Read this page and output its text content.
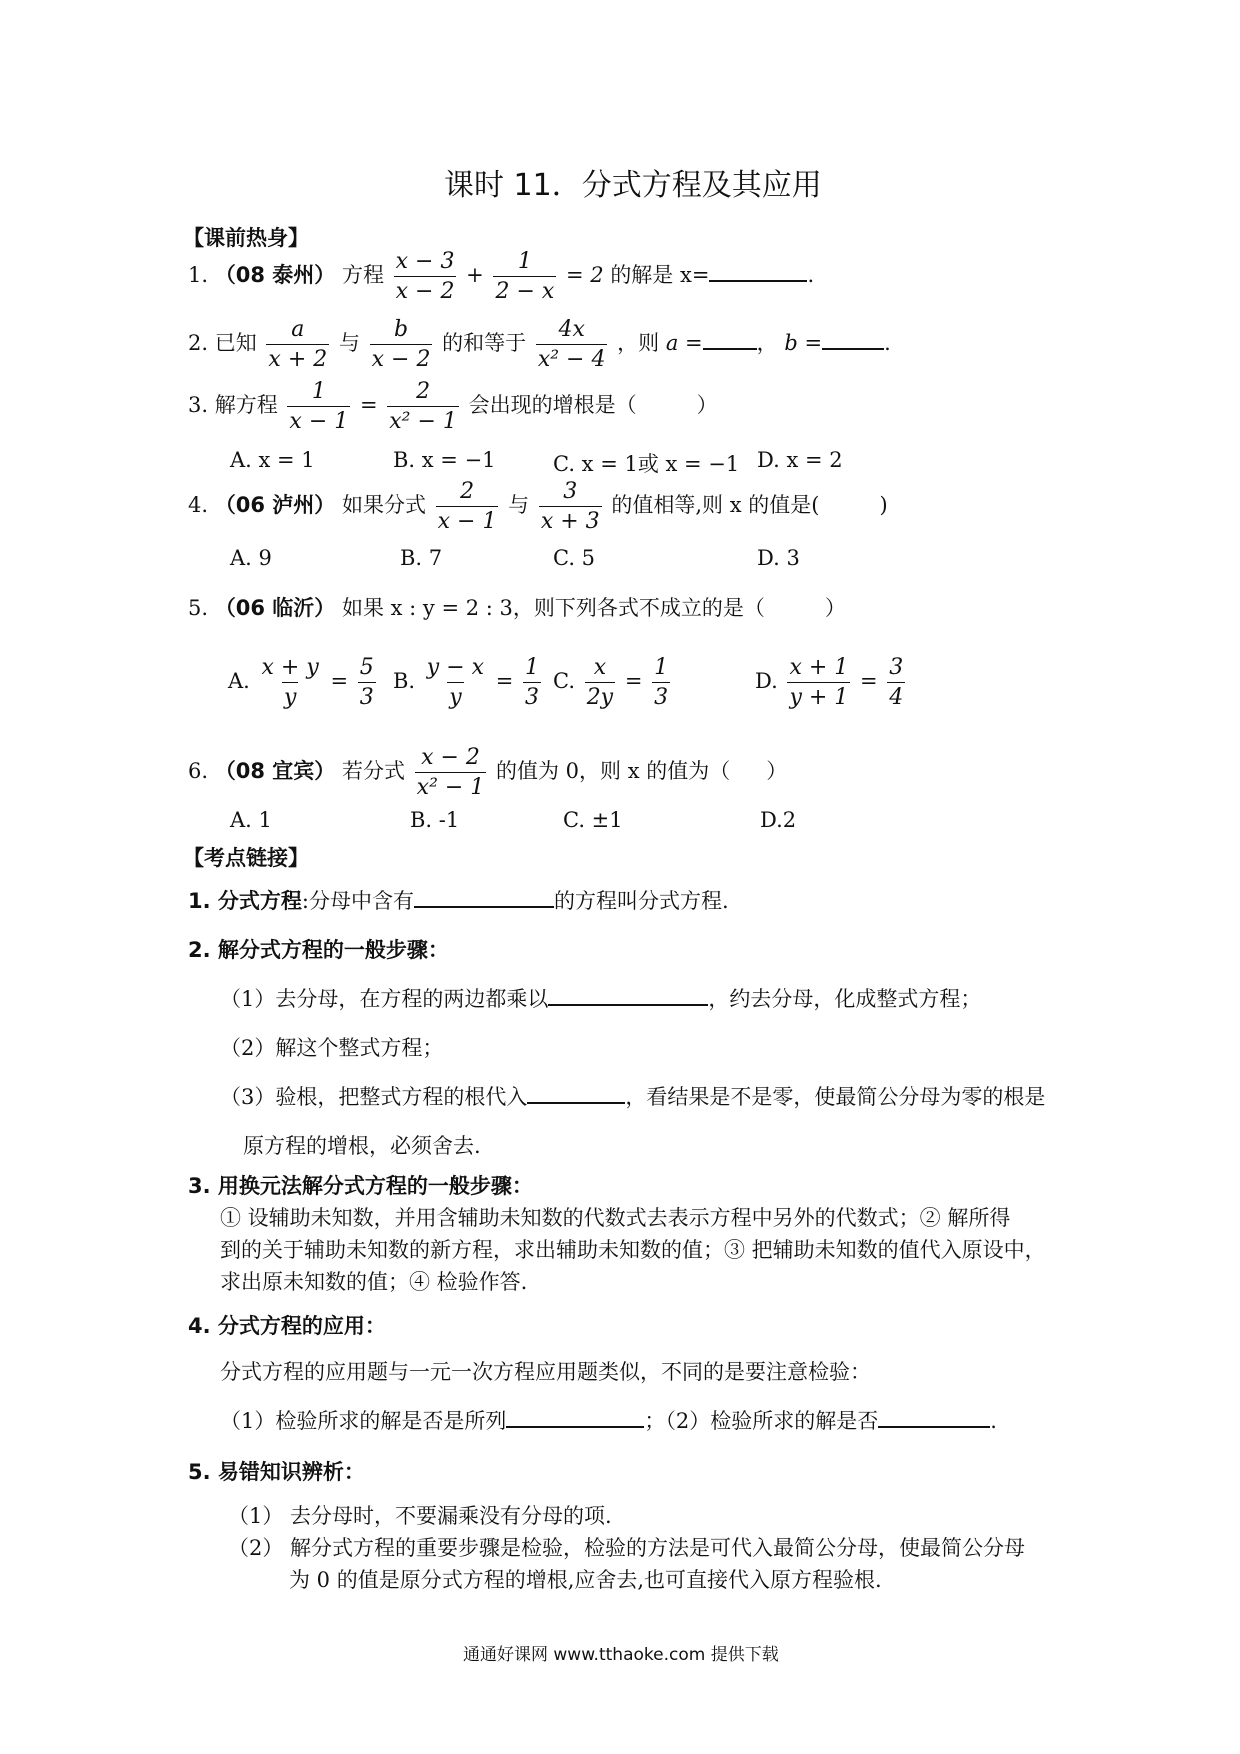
课时 11．分式方程及其应用
【课前热身】
1. （08 泰州） 方程 $\frac{x - 3}{x - 2} + \frac{1}{2 - x} = 2$ 的解是 x=	.
2. 已知 $\frac{a}{x + 2}$ 与 $\frac{b}{x - 2}$ 的和等于 $\frac{4x}{\text{x² − 4}}$ ，则 a =	， b =	.
3. 解方程 $\frac{1}{x - 1} = \frac{2}{\text{x² − 1}}$ 会出现的增根是（	）
A. x = 1	B. x = −1	C. x = 1或 x = −1 D. x = 2
4. （06 泸州） 如果分式 $\frac{2}{x - 1}$ 与 $\frac{3}{x + 3}$ 的值相等,则 x 的值是(	)
A. 9	B. 7	C. 5	D. 3
5. （06 临沂） 如果 x : y = 2 : 3，则下列各式不成立的是（	）
A. $\frac{x + y}{y} = \frac{5}{3} B$. $\frac{y - x}{y} = \frac{1}{3} C$. $\frac{x}{2y} = \frac{1}{3}$	D. $\frac{x + 1}{y + 1} = \frac{3}{4}$
6. （08 宜宾） 若分式 $\frac{x - 2}{\text{x² − 1}}$ 的值为 0，则 x 的值为（ ）
A. 1	B. -1	C. ±1	D.2
【考点链接】
1. 分式方程:分母中含有	的方程叫分式方程.
2. 解分式方程的一般步骤：
（1）去分母，在方程的两边都乘以	，约去分母，化成整式方程；
（2）解这个整式方程；
（3）验根，把整式方程的根代入	，看结果是不是零，使最简公分母为零的根是
原方程的增根，必须舍去.
3. 用换元法解分式方程的一般步骤：
① 设辅助未知数，并用含辅助未知数的代数式去表示方程中另外的代数式；② 解所得
到的关于辅助未知数的新方程，求出辅助未知数的值；③ 把辅助未知数的值代入原设中，
求出原未知数的值；④ 检验作答.
4. 分式方程的应用：
分式方程的应用题与一元一次方程应用题类似，不同的是要注意检验：
（1）检验所求的解是否是所列	；（2）检验所求的解是否	.
5. 易错知识辨析：
（1） 去分母时，不要漏乘没有分母的项.
（2） 解分式方程的重要步骤是检验，检验的方法是可代入最简公分母，使最简公分母
为 0 的值是原分式方程的增根,应舍去,也可直接代入原方程验根.
通通好课网 www.tthaoke.com 提供下载
